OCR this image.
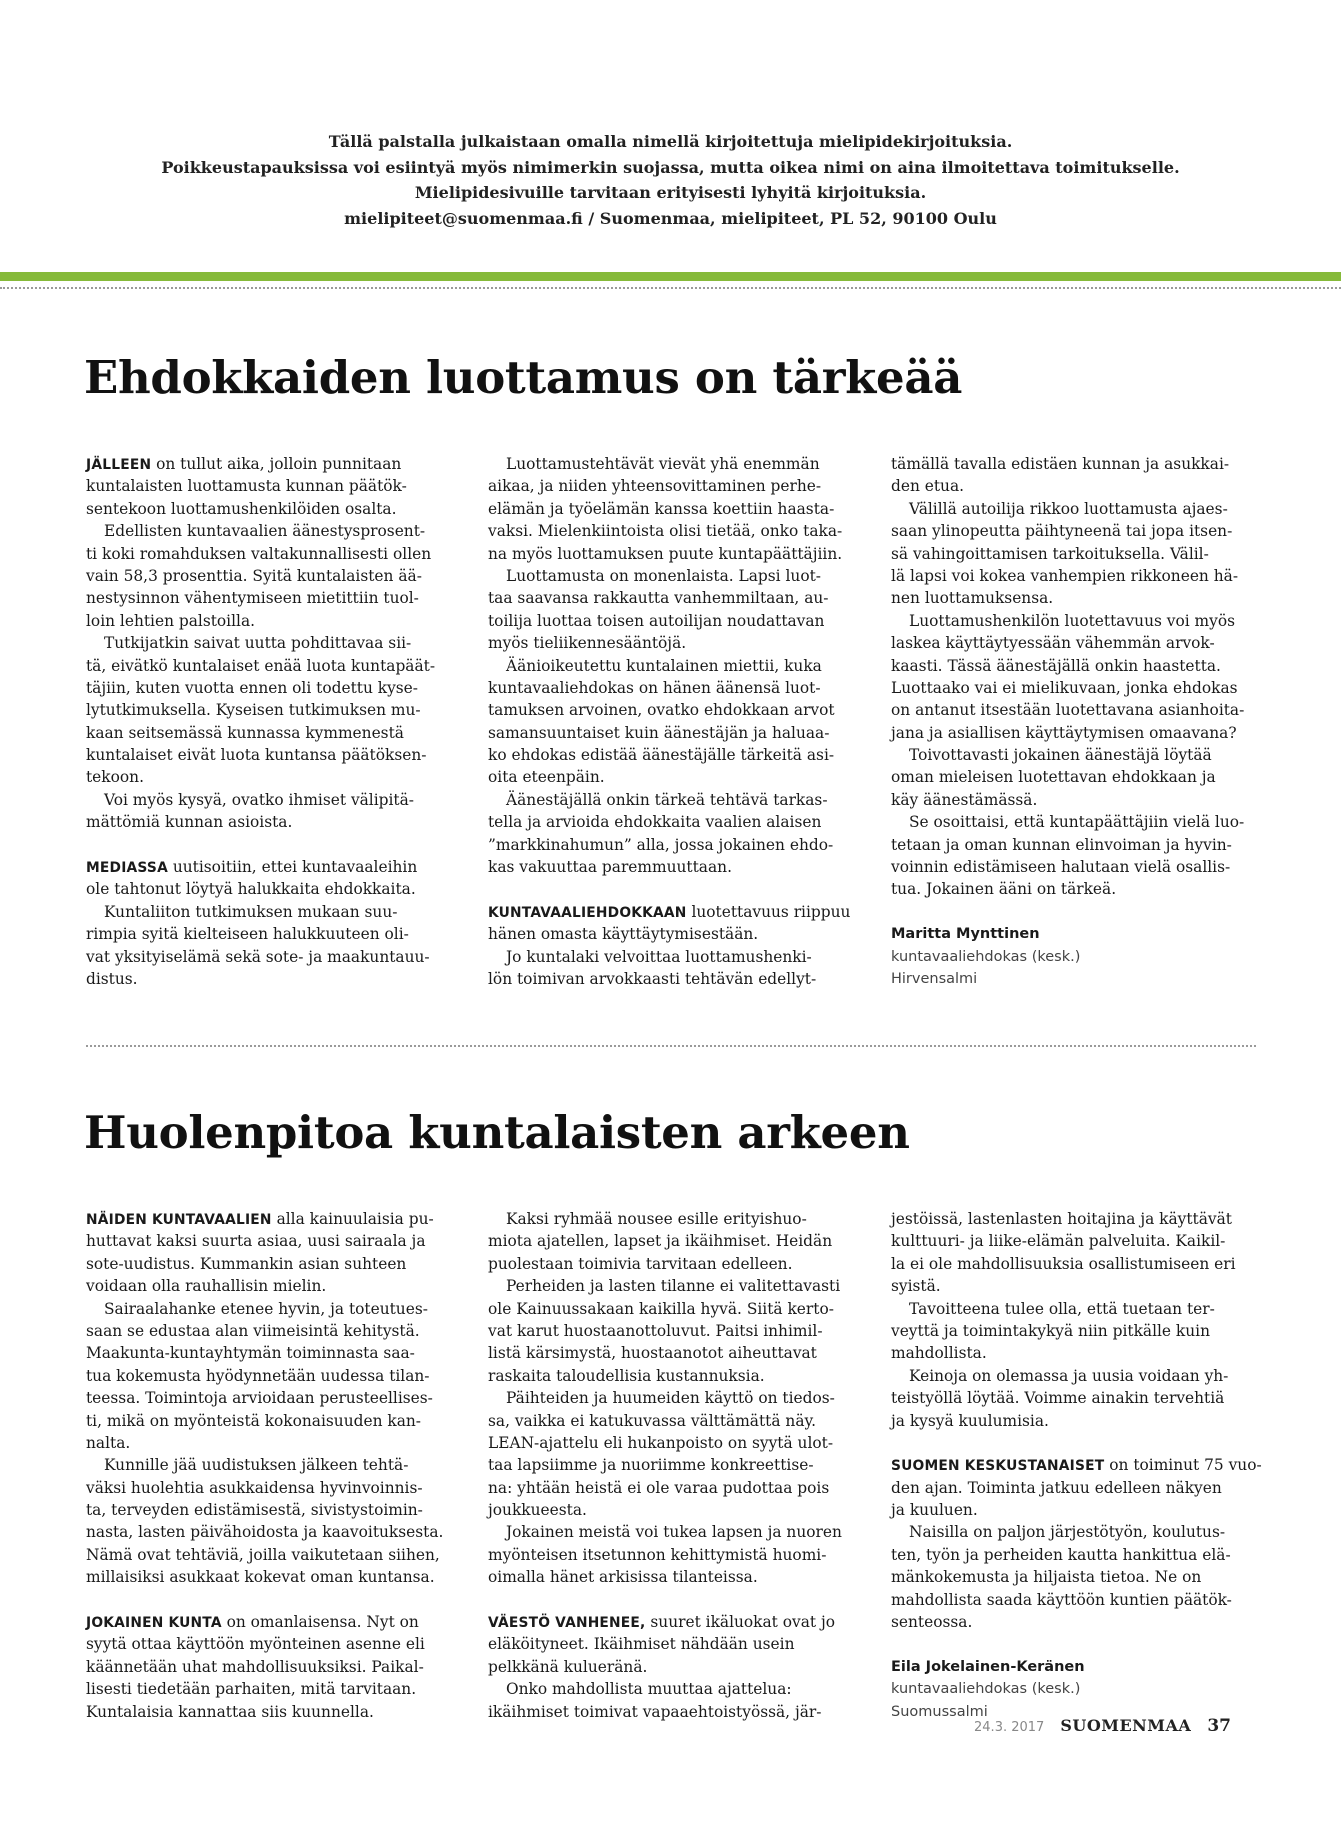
Tällä palstalla julkaistaan omalla nimellä kirjoitettuja mielipidekirjoituksia.
Poikkeustapauksissa voi esiintyä myös nimimerkin suojassa, mutta oikea nimi on aina ilmoitettava toimitukselle.
Mielipidesivuille tarvitaan erityisesti lyhyitä kirjoituksia.
mielipiteet@suomenmaa.fi / Suomenmaa, mielipiteet, PL 52, 90100 Oulu
Ehdokkaiden luottamus on tärkeää
JÄLLEEN on tullut aika, jolloin punnitaan
kuntalaisten luottamusta kunnan päätök-
sentekoon luottamushenkilöiden osalta.
Edellisten kuntavaalien äänestysprosent-
ti koki romahduksen valtakunnallisesti ollen
vain 58,3 prosenttia. Syitä kuntalaisten ää-
nestysinnon vähentymiseen mietittiin tuol-
loin lehtien palstoilla.
Tutkijatkin saivat uutta pohdittavaa sii-
tä, eivätkö kuntalaiset enää luota kuntapäät-
täjiin, kuten vuotta ennen oli todettu kyse-
lytutkimuksella. Kyseisen tutkimuksen mu-
kaan seitsemässä kunnassa kymmenestä
kuntalaiset eivät luota kuntansa päätöksen-
tekoon.
Voi myös kysyä, ovatko ihmiset välipitä-
mättömiä kunnan asioista.
MEDIASSA uutisoitiin, ettei kuntavaaleihin
ole tahtonut löytyä halukkaita ehdokkaita.
Kuntaliiton tutkimuksen mukaan suu-
rimpia syitä kielteiseen halukkuuteen oli-
vat yksityiselämä sekä sote- ja maakuntauu-
distus.
Luottamustehtävät vievät yhä enemmän
aikaa, ja niiden yhteensovittaminen perhe-
elämän ja työelämän kanssa koettiin haasta-
vaksi. Mielenkiintoista olisi tietää, onko taka-
na myös luottamuksen puute kuntapäättäjiin.
Luottamusta on monenlaista. Lapsi luot-
taa saavansa rakkautta vanhemmiltaan, au-
toilija luottaa toisen autoilijan noudattavan
myös tieliikennesääntöjä.
Äänioikeutettu kuntalainen miettii, kuka
kuntavaaliehdokas on hänen äänensä luot-
tamuksen arvoinen, ovatko ehdokkaan arvot
samansuuntaiset kuin äänestäjän ja haluaa-
ko ehdokas edistää äänestäjälle tärkeitä asi-
oita eteenpäin.
Äänestäjällä onkin tärkeä tehtävä tarkas-
tella ja arvioida ehdokkaita vaalien alaisen
”markkinahumun” alla, jossa jokainen ehdo-
kas vakuuttaa paremmuuttaan.
KUNTAVAALIEHDOKKAAN luotettavuus riippuu
hänen omasta käyttäytymisestään.
Jo kuntalaki velvoittaa luottamushenki-
lön toimivan arvokkaasti tehtävän edellyt-
tämällä tavalla edistäen kunnan ja asukkai-
den etua.
Välillä autoilija rikkoo luottamusta ajaes-
saan ylinopeutta päihtyneenä tai jopa itsen-
sä vahingoittamisen tarkoituksella. Välil-
lä lapsi voi kokea vanhempien rikkoneen hä-
nen luottamuksensa.
Luottamushenkilön luotettavuus voi myös
laskea käyttäytyessään vähemmän arvok-
kaasti. Tässä äänestäjällä onkin haastetta.
Luottaako vai ei mielikuvaan, jonka ehdokas
on antanut itsestään luotettavana asianhoita-
jana ja asiallisen käyttäytymisen omaavana?
Toivottavasti jokainen äänestäjä löytää
oman mieleisen luotettavan ehdokkaan ja
käy äänestämässä.
Se osoittaisi, että kuntapäättäjiin vielä luo-
tetaan ja oman kunnan elinvoiman ja hyvin-
voinnin edistämiseen halutaan vielä osallis-
tua. Jokainen ääni on tärkeä.
Maritta Mynttinen
kuntavaaliehdokas (kesk.)
Hirvensalmi
Huolenpitoa kuntalaisten arkeen
NÄIDEN KUNTAVAALIEN alla kainuulaisia pu-
huttavat kaksi suurta asiaa, uusi sairaala ja
sote-uudistus. Kummankin asian suhteen
voidaan olla rauhallisin mielin.
Sairaalahanke etenee hyvin, ja toteutues-
saan se edustaa alan viimeisintä kehitystä.
Maakunta-kuntayhtymän toiminnasta saa-
tua kokemusta hyödynnetään uudessa tilan-
teessa. Toimintoja arvioidaan perusteellises-
ti, mikä on myönteistä kokonaisuuden kan-
nalta.
Kunnille jää uudistuksen jälkeen tehtä-
väksi huolehtia asukkaidensa hyvinvoinnis-
ta, terveyden edistämisestä, sivistystoimin-
nasta, lasten päivähoidosta ja kaavoituksesta.
Nämä ovat tehtäviä, joilla vaikutetaan siihen,
millaisiksi asukkaat kokevat oman kuntansa.
JOKAINEN KUNTA on omanlaisensa. Nyt on
syytä ottaa käyttöön myönteinen asenne eli
käännetään uhat mahdollisuuksiksi. Paikal-
lisesti tiedetään parhaiten, mitä tarvitaan.
Kuntalaisia kannattaa siis kuunnella.
Kaksi ryhmää nousee esille erityishuo-
miota ajatellen, lapset ja ikäihmiset. Heidän
puolestaan toimivia tarvitaan edelleen.
Perheiden ja lasten tilanne ei valitettavasti
ole Kainuussakaan kaikilla hyvä. Siitä kerto-
vat karut huostaanottoluvut. Paitsi inhimil-
listä kärsimystä, huostaanotot aiheuttavat
raskaita taloudellisia kustannuksia.
Päihteiden ja huumeiden käyttö on tiedos-
sa, vaikka ei katukuvassa välttämättä näy.
LEAN-ajattelu eli hukanpoisto on syytä ulot-
taa lapsiimme ja nuoriimme konkreettise-
na: yhtään heistä ei ole varaa pudottaa pois
joukkueesta.
Jokainen meistä voi tukea lapsen ja nuoren
myönteisen itsetunnon kehittymistä huomi-
oimalla hänet arkisissa tilanteissa.
VÄESTÖ VANHENEE, suuret ikäluokat ovat jo
eläköityneet. Ikäihmiset nähdään usein
pelkkänä kulueränä.
Onko mahdollista muuttaa ajattelua:
ikäihmiset toimivat vapaaehtoistyössä, jär-
jestöissä, lastenlasten hoitajina ja käyttävät
kulttuuri- ja liike-elämän palveluita. Kaikil-
la ei ole mahdollisuuksia osallistumiseen eri
syistä.
Tavoitteena tulee olla, että tuetaan ter-
veyttä ja toimintakykyä niin pitkälle kuin
mahdollista.
Keinoja on olemassa ja uusia voidaan yh-
teistyöllä löytää. Voimme ainakin tervehtiä
ja kysyä kuulumisia.
SUOMEN KESKUSTANAISET on toiminut 75 vuo-
den ajan. Toiminta jatkuu edelleen näkyen
ja kuuluen.
Naisilla on paljon järjestötyön, koulutus-
ten, työn ja perheiden kautta hankittua elä-
mänkokemusta ja hiljaista tietoa. Ne on
mahdollista saada käyttöön kuntien päätök-
senteossa.
Eila Jokelainen-Keränen
kuntavaaliehdokas (kesk.)
Suomussalmi
24.3. 2017 SUOMENMAA 37
